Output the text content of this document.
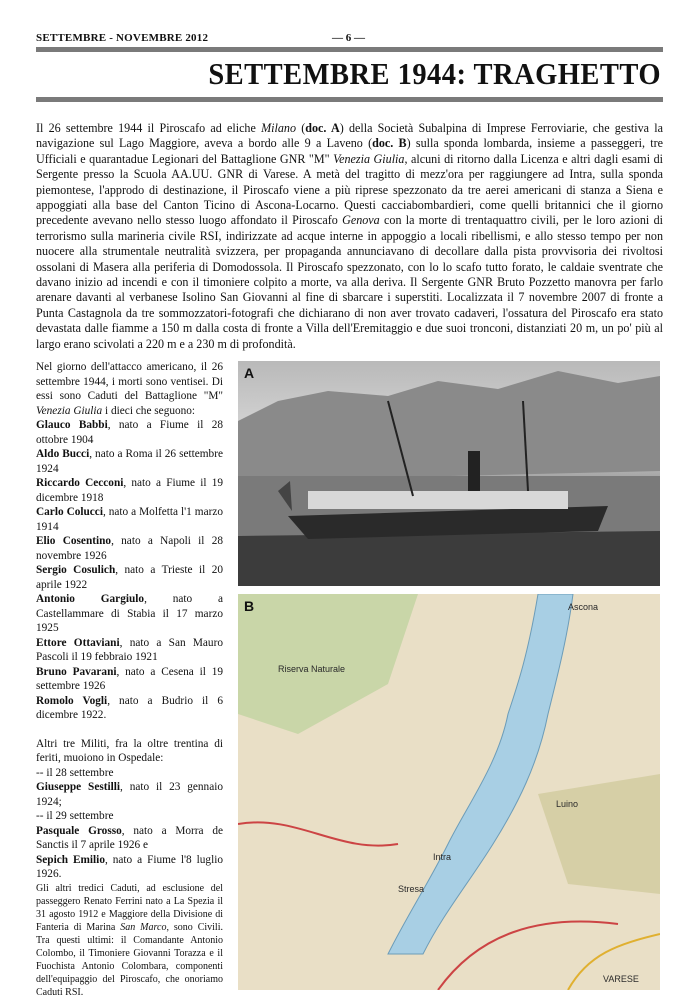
SETTEMBRE - NOVEMBRE 2012	— 6 —
SETTEMBRE 1944: TRAGHETTO

Il 26 settembre 1944 il Piroscafo ad eliche Milano (doc. A) della Società Subalpina di Imprese Ferroviarie, che gestiva la navigazione sul Lago Maggiore, aveva a bordo alle 9 a Laveno (doc. B) sulla sponda lombarda, insieme a passeggeri, tre Ufficiali e quarantadue Legionari del Battaglione GNR "M" Venezia Giulia, alcuni di ritorno dalla Licenza e altri dagli esami di Sergente presso la Scuola AA.UU. GNR di Varese. A metà del tragitto di mezz'ora per raggiungere ad Intra, sulla sponda piemontese, l'approdo di destinazione, il Piroscafo viene a più riprese spezzonato da tre aerei americani di stanza a Siena e appoggiati alla base del Canton Ticino di Ascona-Locarno. Questi cacciabombardieri, come quelli britannici che il giorno precedente avevano nello stesso luogo affondato il Piroscafo Genova con la morte di trentaquattro civili, per le loro azioni di terrorismo sulla marineria civile RSI, indirizzate ad acque interne in appoggio a locali ribellismi, e allo stesso tempo per non nuocere alla strumentale neutralità svizzera, per propaganda annunciavano di decollare dalla pista provvisoria dei rivoltosi ossolani di Masera alla periferia di Domodossola. Il Piroscafo spezzonato, con lo lo scafo tutto forato, le caldaie sventrate che davano inizio ad incendi e con il timoniere colpito a morte, va alla deriva. Il Sergente GNR Bruto Pozzetto manovra per farlo arenare davanti al verbanese Isolino San Giovanni al fine di sbarcare i superstiti. Localizzata il 7 novembre 2007 di fronte a Punta Castagnola da tre sommozzatori-fotografi che dichiarano di non aver trovato cadaveri, l'ossatura del Piroscafo era stato devastata dalle fiamme a 150 m dalla costa di fronte a Villa dell'Eremitaggio e due suoi tronconi, distanziati 20 m, un po' più al largo erano scivolati a 220 m e a 230 m di profondità.

Nel giorno dell'attacco americano, il 26 settembre 1944, i morti sono ventisei. Di essi sono Caduti del Battaglione "M" Venezia Giulia i dieci che seguono:

Glauco Babbi, nato a Fiume il 28 ottobre 1904
Aldo Bucci, nato a Roma il 26 settembre 1924
Riccardo Cecconi, nato a Fiume il 19 dicembre 1918
Carlo Colucci, nato a Molfetta l'1 marzo 1914
Elio Cosentino, nato a Napoli il 28 novembre 1926
Sergio Cosulich, nato a Trieste il 20 aprile 1922
Antonio Gargiulo, nato a Castellammare di Stabia il 17 marzo 1925
Ettore Ottaviani, nato a San Mauro Pascoli il 19 febbraio 1921
Bruno Pavarani, nato a Cesena il 19 settembre 1926
Romolo Vogli, nato a Budrio il 6 dicembre 1922.

Altri tre Militi, fra la oltre trentina di feriti, muoiono in Ospedale:

-- il 28 settembre

Giuseppe Sestilli, nato il 23 gennaio 1924;

-- il 29 settembre

Pasquale Grosso, nato a Morra de Sanctis il 7 aprile 1926 e

Sepich Emilio, nato a Fiume l'8 luglio 1926.

Gli altri tredici Caduti, ad esclusione del passeggero Renato Ferrini nato a La Spezia il 31 agosto 1912 e Maggiore della Divisione di Fanteria di Marina San Marco, sono Civili. Tra questi ultimi: il Comandante Antonio Colombo, il Timoniere Giovanni Torazza e il Fuochista Antonio Colombara, componenti dell'equipaggio del Piroscafo, che onoriamo Caduti RSI.

A
B	Ascona
Riserva Naturale
Luino
Stresa
VARESE
Intra
